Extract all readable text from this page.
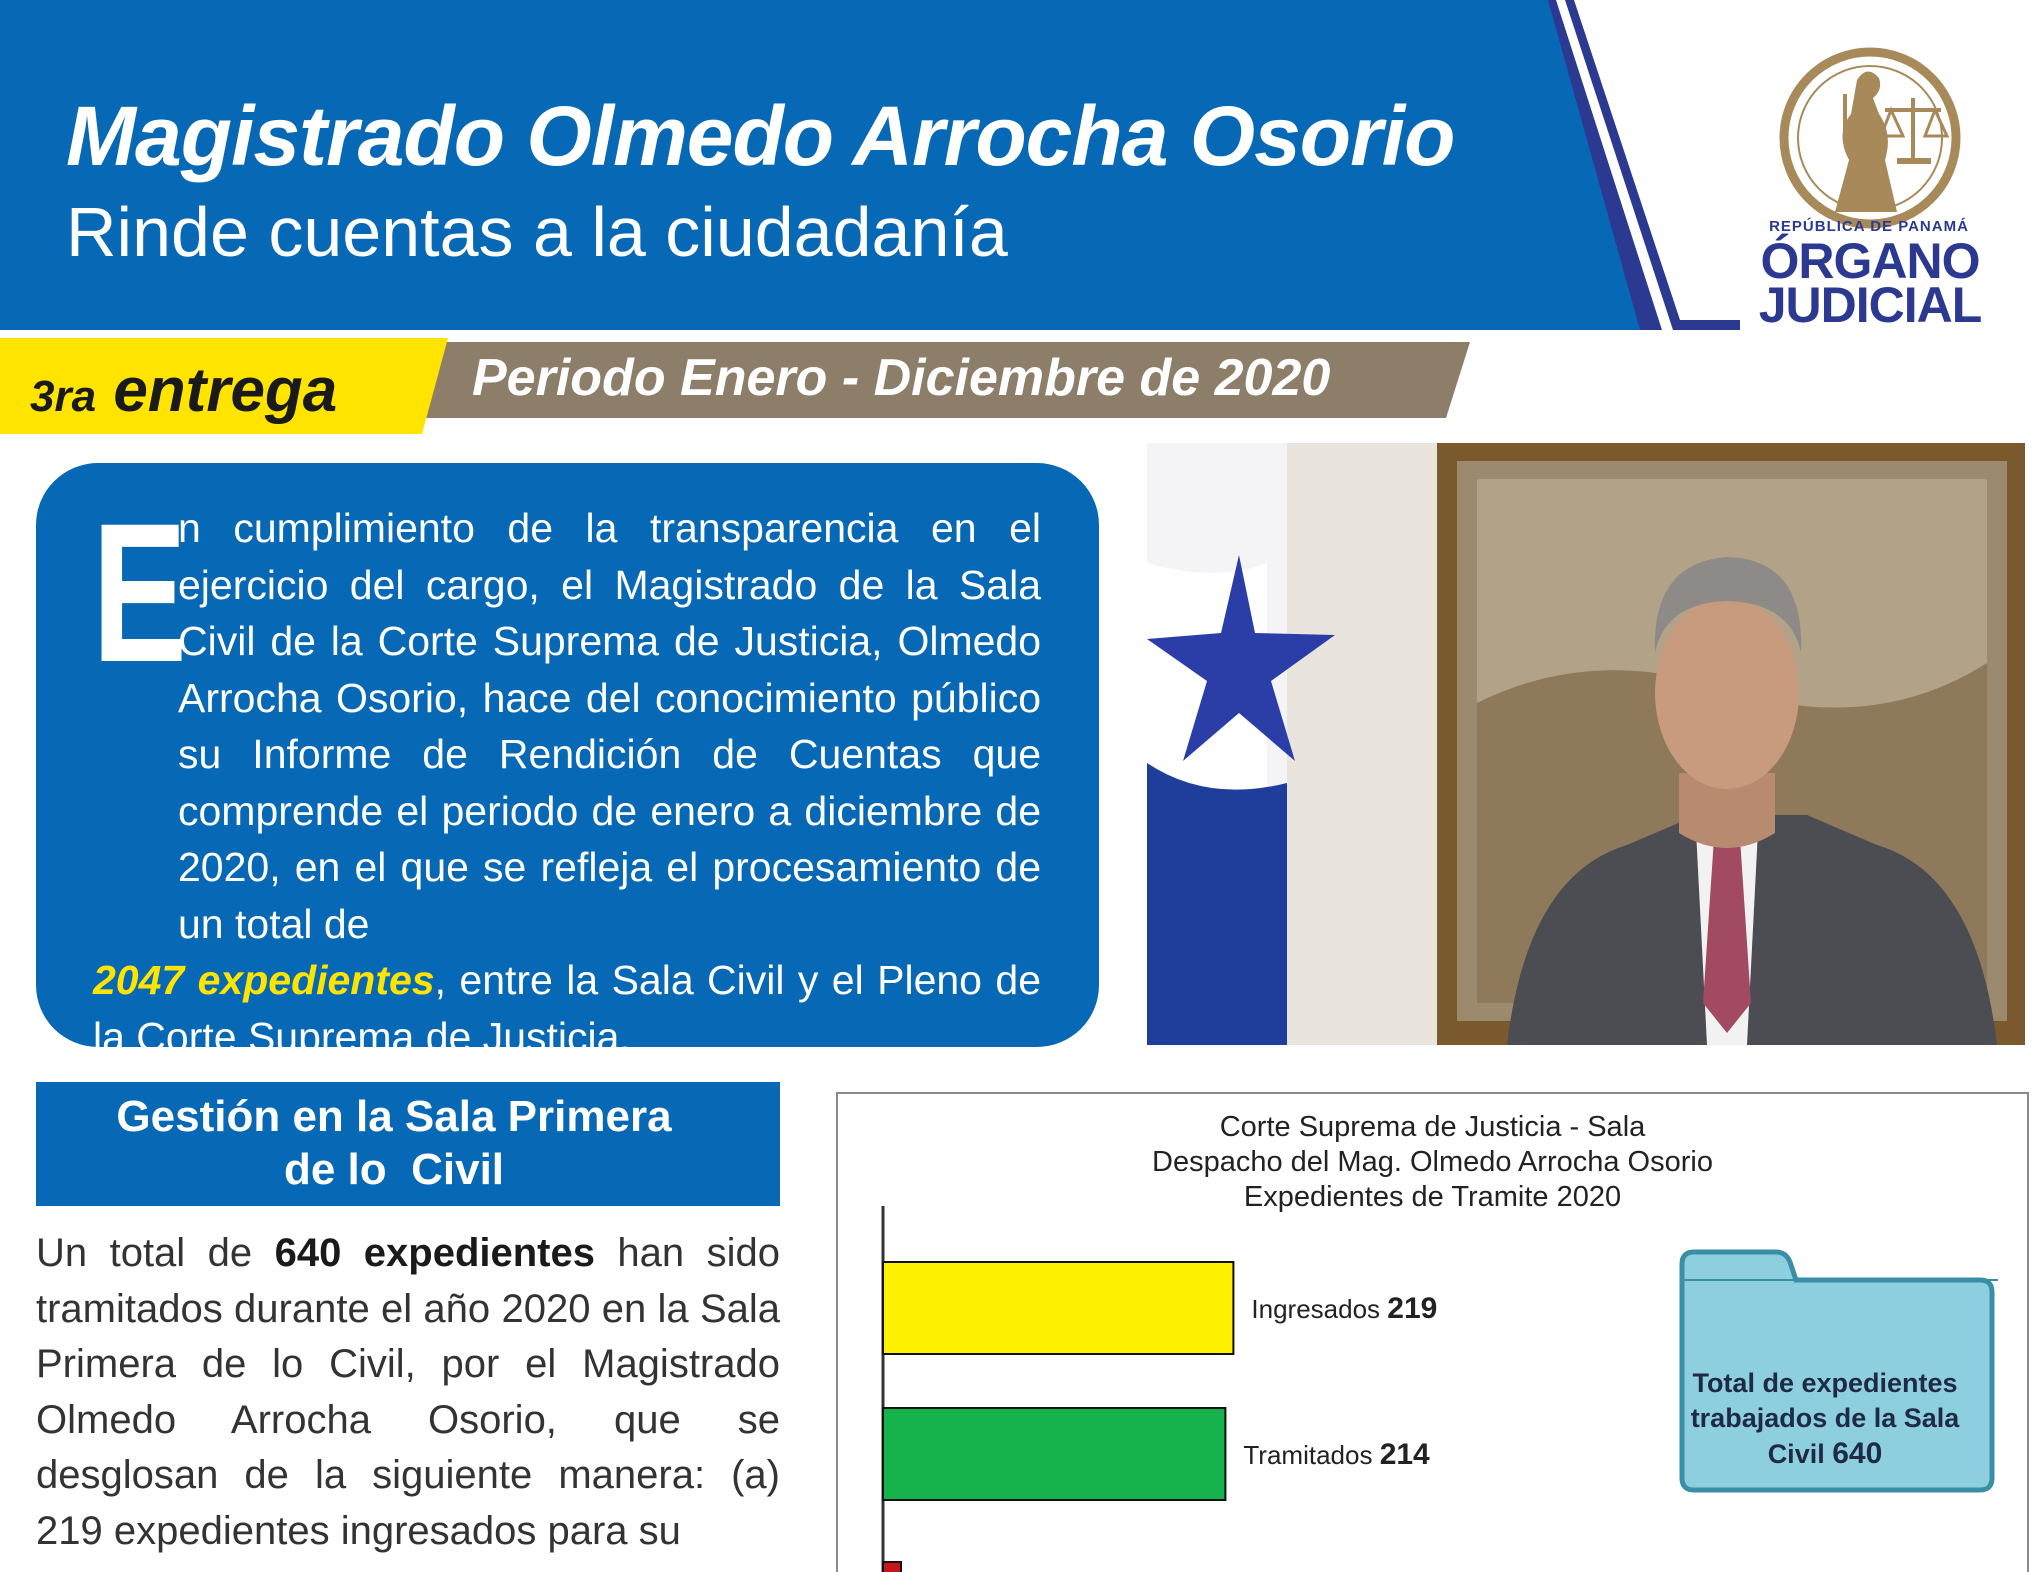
Magistrado Olmedo Arrocha Osorio
Rinde cuentas a la ciudadanía	REPÚBLICA DE PANAMÁ
ÓRGANO
JUDICIAL
3ra entrega	Periodo Enero - Diciembre de 2020
E
n cumplimiento de la transparencia en el ejercicio del cargo, el Magistrado de la Sala Civil de la Corte Suprema de Justicia, Olmedo Arrocha Osorio, hace del conocimiento público su Informe de Rendición de Cuentas que comprende el periodo de enero a diciembre de 2020, en el que se refleja el procesamiento de un total de
2047 expedientes, entre la Sala Civil y el Pleno de la Corte Suprema de Justicia.
Gestión en la Sala Primera
de lo  Civil
Un total de 640 expedientes han sido tramitados durante el año 2020 en la Sala Primera de lo Civil, por el Magistrado Olmedo Arrocha Osorio, que se desglosan de la siguiente manera: (a) 219 expedientes ingresados para su
Corte Suprema de Justicia - Sala
Despacho del Mag. Olmedo Arrocha Osorio
Expedientes de Tramite 2020
Ingresados 219
Tramitados 214
Total de expedientes trabajados de la Sala Civil 640
